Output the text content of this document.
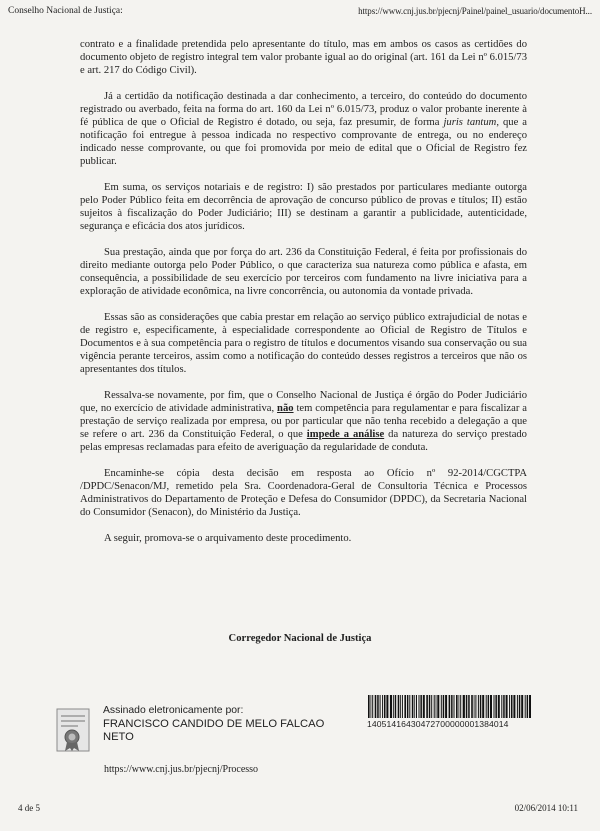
Conselho Nacional de Justiça:	https://www.cnj.jus.br/pjecnj/Painel/painel_usuario/documentoH...

contrato e a finalidade pretendida pelo apresentante do título, mas em ambos os casos as certidões do documento objeto de registro integral tem valor probante igual ao do original (art. 161 da Lei nº 6.015/73 e art. 217 do Código Civil).

Já a certidão da notificação destinada a dar conhecimento, a terceiro, do conteúdo do documento registrado ou averbado, feita na forma do art. 160 da Lei nº 6.015/73, produz o valor probante inerente à fé pública de que o Oficial de Registro é dotado, ou seja, faz presumir, de forma juris tantum, que a notificação foi entregue à pessoa indicada no respectivo comprovante de entrega, ou no endereço indicado nesse comprovante, ou que foi promovida por meio de edital que o Oficial de Registro fez publicar.

Em suma, os serviços notariais e de registro: I) são prestados por particulares mediante outorga pelo Poder Público feita em decorrência de aprovação de concurso público de provas e títulos; II) estão sujeitos à fiscalização do Poder Judiciário; III) se destinam a garantir a publicidade, autenticidade, segurança e eficácia dos atos jurídicos.

Sua prestação, ainda que por força do art. 236 da Constituição Federal, é feita por profissionais do direito mediante outorga pelo Poder Público, o que caracteriza sua natureza como pública e afasta, em consequência, a possibilidade de seu exercício por terceiros com fundamento na livre iniciativa para a exploração de atividade econômica, na livre concorrência, ou autonomia da vontade privada.

Essas são as considerações que cabia prestar em relação ao serviço público extrajudicial de notas e de registro e, especificamente, à especialidade correspondente ao Oficial de Registro de Títulos e Documentos e à sua competência para o registro de títulos e documentos visando sua conservação ou sua vigência perante terceiros, assim como a notificação do conteúdo desses registros a terceiros que não os apresentantes dos títulos.

Ressalva-se novamente, por fim, que o Conselho Nacional de Justiça é órgão do Poder Judiciário que, no exercício de atividade administrativa, não tem competência para regulamentar e para fiscalizar a prestação de serviço realizada por empresa, ou por particular que não tenha recebido a delegação a que se refere o art. 236 da Constituição Federal, o que impede a análise da natureza do serviço prestado pelas empresas reclamadas para efeito de averiguação da regularidade de conduta.

Encaminhe-se cópia desta decisão em resposta ao Ofício nº 92-2014/CGCTPA /DPDC/Senacon/MJ, remetido pela Sra. Coordenadora-Geral de Consultoria Técnica e Processos Administrativos do Departamento de Proteção e Defesa do Consumidor (DPDC), da Secretaria Nacional do Consumidor (Senacon), do Ministério da Justiça.

A seguir, promova-se o arquivamento deste procedimento.

Corregedor Nacional de Justiça
Assinado eletronicamente por:
FRANCISCO CANDIDO DE MELO FALCAO NETO
14051416430472700000001384014
https://www.cnj.jus.br/pjecnj/Processo
4 de 5	02/06/2014 10:11
